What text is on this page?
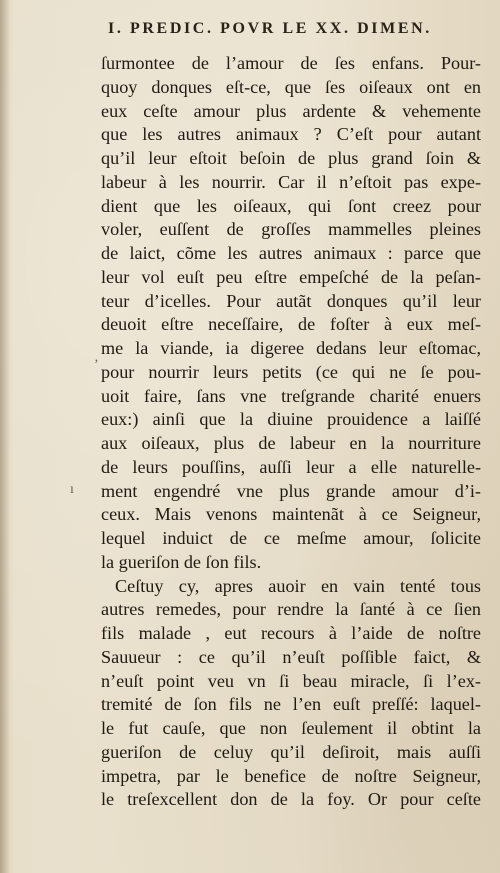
I. PREDIC. POVR LE XX. DIMEN.
ſurmontee de l’amour de ſes enfans. Pour-
quoy donques eſt-ce, que ſes oiſeaux ont en
eux ceſte amour plus ardente & vehemente
que les autres animaux ? C’eſt pour autant
qu’il leur eſtoit beſoin de plus grand ſoin &
labeur à les nourrir. Car il n’eſtoit pas expe-
dient que les oiſeaux, qui ſont creez pour
voler, euſſent de groſſes mammelles pleines
de laict, cõme les autres animaux : parce que
leur vol euſt peu eſtre empeſché de la peſan-
teur d’icelles. Pour autãt donques qu’il leur
deuoit eſtre neceſſaire, de foſter à eux meſ-
me la viande, ia digeree dedans leur eſtomac,
pour nourrir leurs petits (ce qui ne ſe pou-
uoit faire, ſans vne treſgrande charité enuers
eux:) ainſi que la diuine prouidence a laiſſé
aux oiſeaux, plus de labeur en la nourriture
de leurs pouſſins, auſſi leur a elle naturelle-
ment engendré vne plus grande amour d’i-
ceux. Mais venons maintenãt à ce Seigneur,
lequel induict de ce meſme amour, ſolicite
la gueriſon de ſon fils.
Ceſtuy cy, apres auoir en vain tenté tous
autres remedes, pour rendre la ſanté à ce ſien
fils malade , eut recours à l’aide de noſtre
Sauueur : ce qu’il n’euſt poſſible faict, &
n’euſt point veu vn ſi beau miracle, ſi l’ex-
tremité de ſon fils ne l’en euſt preſſé: laquel-
le fut cauſe, que non ſeulement il obtint la
gueriſon de celuy qu’il deſiroit, mais auſſi
impetra, par le benefice de noſtre Seigneur,
le treſexcellent don de la foy. Or pour ceſte
‚
ı
